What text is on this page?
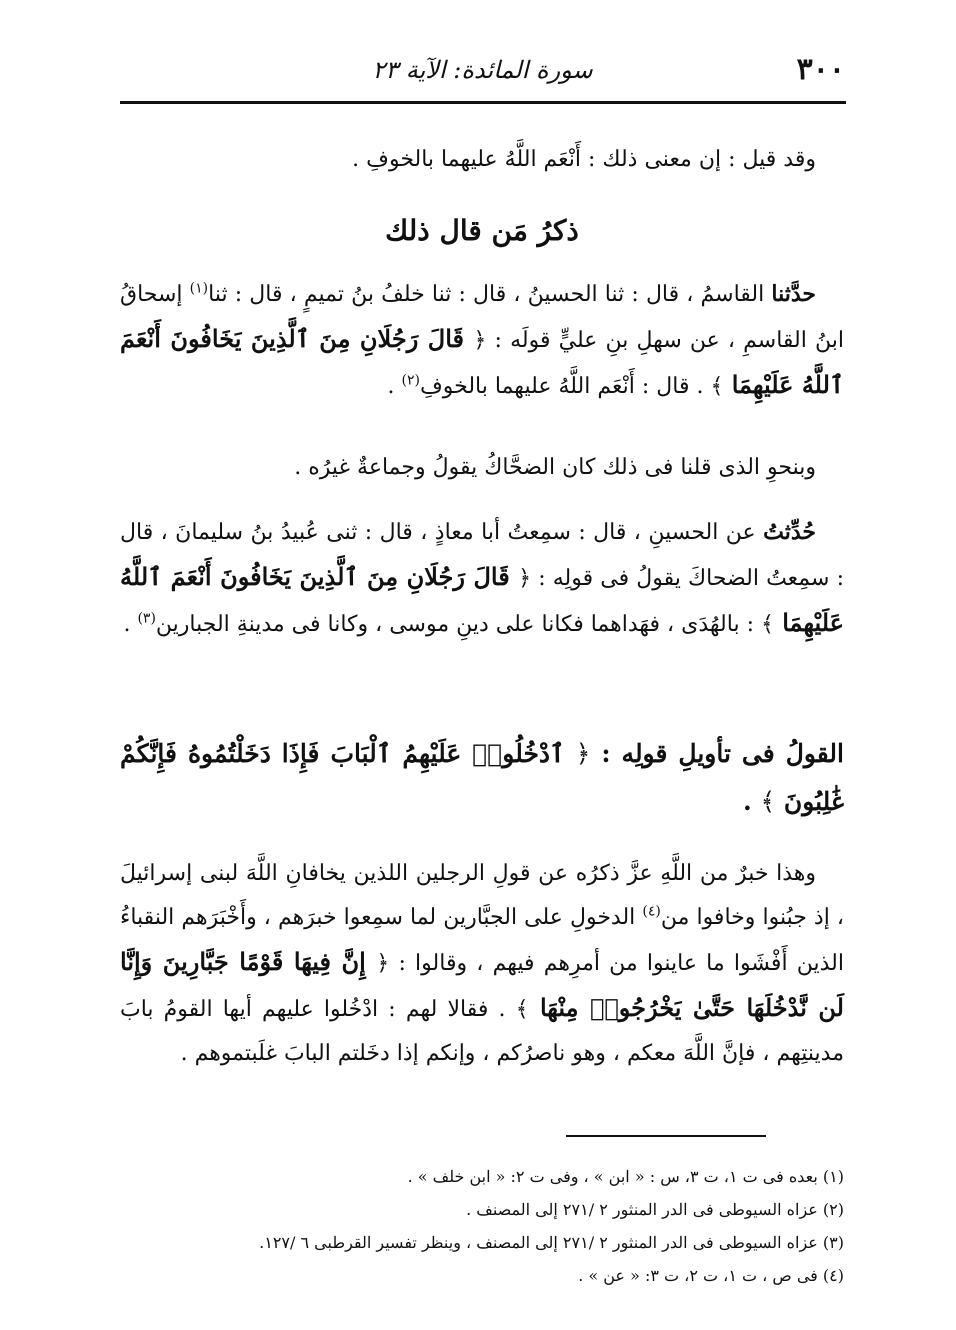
٣٠٠
سورة المائدة: الآية ٢٣

وقد قيل : إن معنى ذلك : أَنْعَم اللَّهُ عليهما بالخوفِ .

ذكرُ مَن قال ذلك

حدَّثنا القاسمُ ، قال : ثنا الحسينُ ، قال : ثنا خلفُ بنُ تميمٍ ، قال : ثنا$^{(١)}$ إسحاقُ ابنُ القاسمِ ، عن سهلِ بنِ عليٍّ قولَه : ﴿ قَالَ رَجُلَانِ مِنَ ٱلَّذِينَ يَخَافُونَ أَنْعَمَ ٱللَّهُ عَلَيْهِمَا ﴾ . قال : أَنْعَم اللَّهُ عليهما بالخوفِ$^{(٢)}$ .

وبنحوِ الذى قلنا فى ذلك كان الضحَّاكُ يقولُ وجماعةٌ غيرُه .

حُدِّثتُ عن الحسينِ ، قال : سمِعتُ أبا معاذٍ ، قال : ثنى عُبيدُ بنُ سليمانَ ، قال : سمِعتُ الضحاكَ يقولُ فى قولِه : ﴿ قَالَ رَجُلَانِ مِنَ ٱلَّذِينَ يَخَافُونَ أَنْعَمَ ٱللَّهُ عَلَيْهِمَا ﴾ : بالهُدَى ، فهَداهما فكانا على دينِ موسى ، وكانا فى مدينةِ الجبارين$^{(٣)}$ .

القولُ فى تأويلِ قولِه : ﴿ ٱدْخُلُوا۟ عَلَيْهِمُ ٱلْبَابَ فَإِذَا دَخَلْتُمُوهُ فَإِنَّكُمْ غَٰلِبُونَ ﴾ .

وهذا خبرٌ من اللَّهِ عزَّ ذكرُه عن قولِ الرجلين اللذين يخافانِ اللَّهَ لبنى إسرائيلَ ، إذ جبُنوا وخافوا من$^{(٤)}$ الدخولِ على الجبَّارين لما سمِعوا خبرَهم ، وأَخْبَرَهم النقباءُ الذين أَفْشَوا ما عاينوا من أمرِهم فيهم ، وقالوا : ﴿ إِنَّ فِيهَا قَوْمًا جَبَّارِينَ وَإِنَّا لَن نَّدْخُلَهَا حَتَّىٰ يَخْرُجُوا۟ مِنْهَا ﴾ . فقالا لهم : ادْخُلوا عليهم أيها القومُ بابَ مدينتِهم ، فإنَّ اللَّهَ معكم ، وهو ناصرُكم ، وإنكم إذا دخَلتم البابَ غلَبتموهم .

(١) بعده فى ت ١، ت ٣، س : « ابن » ، وفى ت ٢: « ابن خلف » .

(٢) عزاه السيوطى فى الدر المنثور ٢ /٢٧١ إلى المصنف .

(٣) عزاه السيوطى فى الدر المنثور ٢ /٢٧١ إلى المصنف ، وينظر تفسير القرطبى ٦ /١٢٧.

(٤) فى ص ، ت ١، ت ٢، ت ٣: « عن » .
